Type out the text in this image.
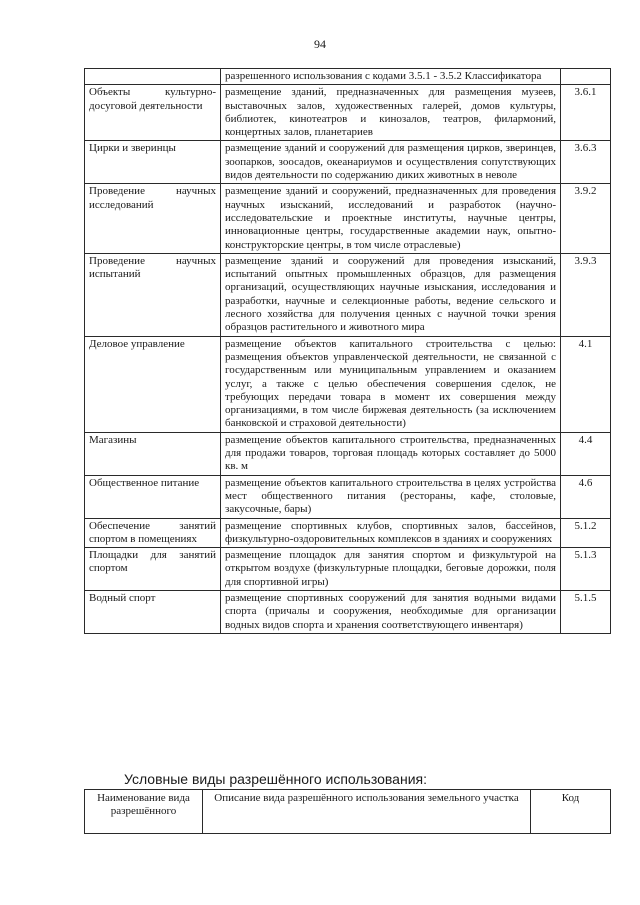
94
	разрешенного использования с кодами 3.5.1 - 3.5.2 Классификатора	
Объекты культурно-досуговой деятельности	размещение зданий, предназначенных для размещения музеев, выставочных залов, художественных галерей, домов культуры, библиотек, кинотеатров и кинозалов, театров, филармоний, концертных залов, планетариев	3.6.1
Цирки и зверинцы	размещение зданий и сооружений для размещения цирков, зверинцев, зоопарков, зоосадов, океанариумов и осуществления сопутствующих видов деятельности по содержанию диких животных в неволе	3.6.3
Проведение научных исследований	размещение зданий и сооружений, предназначенных для проведения научных изысканий, исследований и разработок (научно-исследовательские и проектные институты, научные центры, инновационные центры, государственные академии наук, опытно-конструкторские центры, в том числе отраслевые)	3.9.2
Проведение научных испытаний	размещение зданий и сооружений для проведения изысканий, испытаний опытных промышленных образцов, для размещения организаций, осуществляющих научные изыскания, исследования и разработки, научные и селекционные работы, ведение сельского и лесного хозяйства для получения ценных с научной точки зрения образцов растительного и животного мира	3.9.3
Деловое управление	размещение объектов капитального строительства с целью: размещения объектов управленческой деятельности, не связанной с государственным или муниципальным управлением и оказанием услуг, а также с целью обеспечения совершения сделок, не требующих передачи товара в момент их совершения между организациями, в том числе биржевая деятельность (за исключением банковской и страховой деятельности)	4.1
Магазины	размещение объектов капитального строительства, предназначенных для продажи товаров, торговая площадь которых составляет до 5000 кв. м	4.4
Общественное питание	размещение объектов капитального строительства в целях устройства мест общественного питания (рестораны, кафе, столовые, закусочные, бары)	4.6
Обеспечение занятий спортом в помещениях	размещение спортивных клубов, спортивных залов, бассейнов, физкультурно-оздоровительных комплексов в зданиях и сооружениях	5.1.2
Площадки для занятий спортом	размещение площадок для занятия спортом и физкультурой на открытом воздухе (физкультурные площадки, беговые дорожки, поля для спортивной игры)	5.1.3
Водный спорт	размещение спортивных сооружений для занятия водными видами спорта (причалы и сооружения, необходимые для организации водных видов спорта и хранения соответствующего инвентаря)	5.1.5
Условные виды разрешённого использования:
Наименование вида разрешённого	Описание вида разрешённого использования земельного участка	Код
